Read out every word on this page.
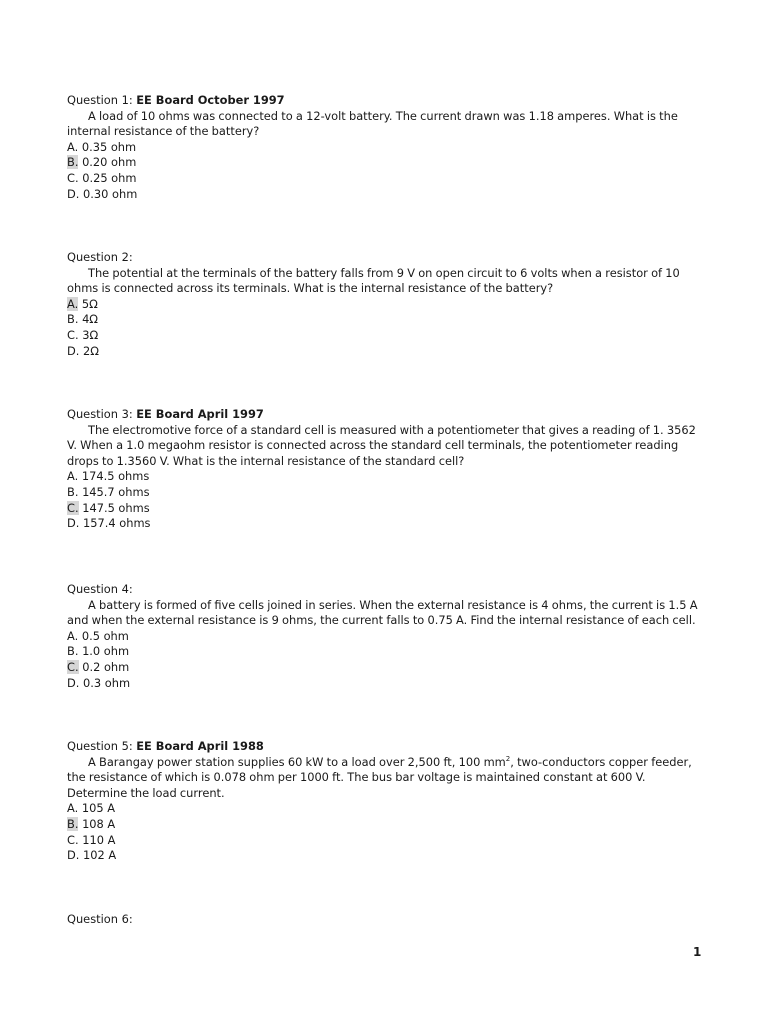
Question 1: EE Board October 1997

A load of 10 ohms was connected to a 12-volt battery. The current drawn was 1.18 amperes. What is the internal resistance of the battery?

A. 0.35 ohm

B. 0.20 ohm

C. 0.25 ohm

D. 0.30 ohm

Question 2:

The potential at the terminals of the battery falls from 9 V on open circuit to 6 volts when a resistor of 10 ohms is connected across its terminals. What is the internal resistance of the battery?

A. 5Ω

B. 4Ω

C. 3Ω

D. 2Ω

Question 3: EE Board April 1997

The electromotive force of a standard cell is measured with a potentiometer that gives a reading of 1. 3562 V. When a 1.0 megaohm resistor is connected across the standard cell terminals, the potentiometer reading drops to 1.3560 V. What is the internal resistance of the standard cell?

A. 174.5 ohms

B. 145.7 ohms

C. 147.5 ohms

D. 157.4 ohms

Question 4:

A battery is formed of five cells joined in series. When the external resistance is 4 ohms, the current is 1.5 A and when the external resistance is 9 ohms, the current falls to 0.75 A. Find the internal resistance of each cell.

A. 0.5 ohm

B. 1.0 ohm

C. 0.2 ohm

D. 0.3 ohm

Question 5: EE Board April 1988

A Barangay power station supplies 60 kW to a load over 2,500 ft, 100 $mm^2$, two-conductors copper feeder, the resistance of which is 0.078 ohm per 1000 ft. The bus bar voltage is maintained constant at 600 V. Determine the load current.

A. 105 A

B. 108 A

C. 110 A

D. 102 A

Question 6:

1
